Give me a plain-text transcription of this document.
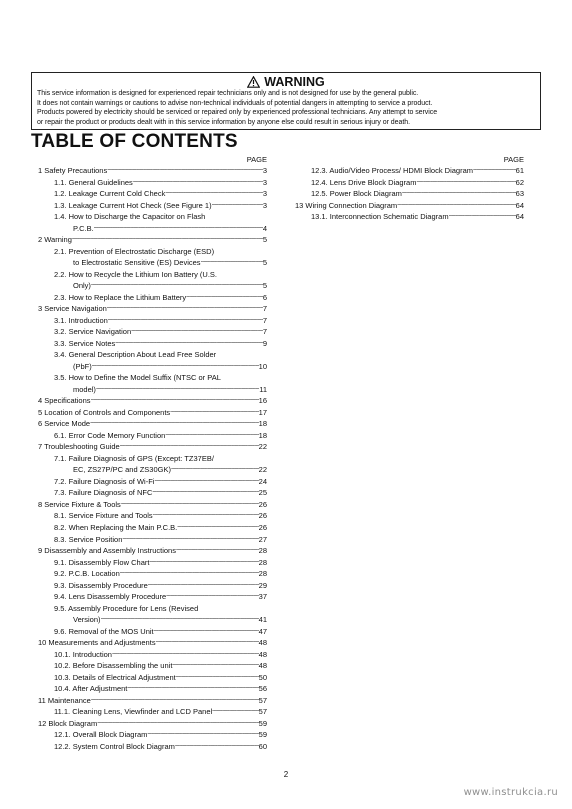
WARNING
This service information is designed for experienced repair technicians only and is not designed for use by the general public.
It does not contain warnings or cautions to advise non-technical individuals of potential dangers in attempting to service a product.
Products powered by electricity should be serviced or repaired only by experienced professional technicians. Any attempt to service
or repair the product or products dealt with in this service information by anyone else could result in serious injury or death.
TABLE OF CONTENTS
PAGE
1 Safety Precautions -----	3
1.1. General Guidelines -----	3
1.2. Leakage Current Cold Check -----	3
1.3. Leakage Current Hot Check (See Figure 1) -----	3
1.4. How to Discharge the Capacitor on Flash
P.C.B. -----	4
2 Warning -----	5
2.1. Prevention of Electrostatic Discharge (ESD)
to Electrostatic Sensitive (ES) Devices -----	5
2.2. How to Recycle the Lithium Ion Battery (U.S.
Only) -----	5
2.3. How to Replace the Lithium Battery -----	6
3 Service Navigation -----	7
3.1. Introduction -----	7
3.2. Service Navigation -----	7
3.3. Service Notes -----	9
3.4. General Description About Lead Free Solder
(PbF) -----	10
3.5. How to Define the Model Suffix (NTSC or PAL
model) -----	11
4 Specifications -----	16
5 Location of Controls and Components -----	17
6 Service Mode -----	18
6.1. Error Code Memory Function -----	18
7 Troubleshooting Guide -----	22
7.1. Failure Diagnosis of GPS (Except: TZ37EB/
EC, ZS27P/PC and ZS30GK) -----	22
7.2. Failure Diagnosis of Wi-Fi -----	24
7.3. Failure Diagnosis of NFC -----	25
8 Service Fixture & Tools -----	26
8.1. Service Fixture and Tools -----	26
8.2. When Replacing the Main P.C.B. -----	26
8.3. Service Position -----	27
9 Disassembly and Assembly Instructions -----	28
9.1. Disassembly Flow Chart -----	28
9.2. P.C.B. Location -----	28
9.3. Disassembly Procedure -----	29
9.4. Lens Disassembly Procedure -----	37
9.5. Assembly Procedure for Lens (Revised
Version) -----	41
9.6. Removal of the MOS Unit -----	47
10 Measurements and Adjustments -----	48
10.1. Introduction -----	48
10.2. Before Disassembling the unit -----	48
10.3. Details of Electrical Adjustment -----	50
10.4. After Adjustment -----	56
11 Maintenance -----	57
11.1. Cleaning Lens, Viewfinder and LCD Panel -----	57
12 Block Diagram -----	59
12.1. Overall Block Diagram -----	59
12.2. System Control Block Diagram -----	60
PAGE
12.3. Audio/Video Process/ HDMI Block Diagram -----	61
12.4. Lens Drive Block Diagram -----	62
12.5. Power Block Diagram -----	63
13 Wiring Connection Diagram -----	64
13.1. Interconnection Schematic Diagram -----	64
2
www.instrukcia.ru
